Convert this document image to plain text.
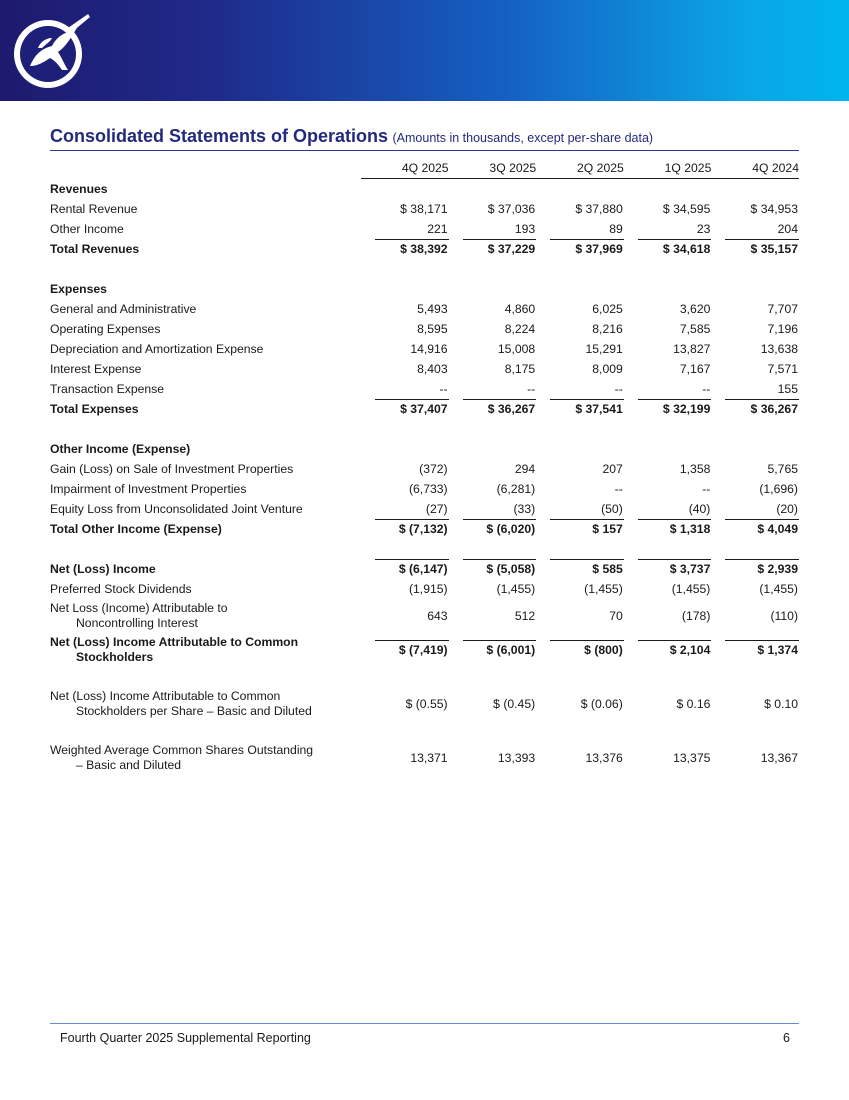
Consolidated Statements of Operations (Amounts in thousands, except per-share data)
	4Q 2025	3Q 2025	2Q 2025	1Q 2025	4Q 2024
Revenues	

Rental Revenue	$ 38,171	$ 37,036	$ 37,880	$ 34,595	$ 34,953

Other Income	221	193	89	23	204

Total Revenues	$ 38,392	$ 37,229	$ 37,969	$ 34,618	$ 35,157

Expenses	

General and Administrative	5,493	4,860	6,025	3,620	7,707

Operating Expenses	8,595	8,224	8,216	7,585	7,196

Depreciation and Amortization Expense	14,916	15,008	15,291	13,827	13,638

Interest Expense	8,403	8,175	8,009	7,167	7,571

Transaction Expense	--	--	--	--	155

Total Expenses	$ 37,407	$ 36,267	$ 37,541	$ 32,199	$ 36,267

Other Income (Expense)	

Gain (Loss) on Sale of Investment Properties	(372)	294	207	1,358	5,765

Impairment of Investment Properties	(6,733)	(6,281)	--	--	(1,696)

Equity Loss from Unconsolidated Joint Venture	(27)	(33)	(50)	(40)	(20)

Total Other Income (Expense)	$ (7,132)	$ (6,020)	$ 157	$ 1,318	$ 4,049

Net (Loss) Income	$ (6,147)	$ (5,058)	$ 585	$ 3,737	$ 2,939

Preferred Stock Dividends	(1,915)	(1,455)	(1,455)	(1,455)	(1,455)

Net Loss (Income) Attributable to
Noncontrolling Interest	643	512	70	(178)	(110)

Net (Loss) Income Attributable to Common
Stockholders	$ (7,419)	$ (6,001)	$ (800)	$ 2,104	$ 1,374

Net (Loss) Income Attributable to Common
Stockholders per Share – Basic and Diluted	$ (0.55)	$ (0.45)	$ (0.06)	$ 0.16	$ 0.10

Weighted Average Common Shares Outstanding
– Basic and Diluted	13,371	13,393	13,376	13,375	13,367
Fourth Quarter 2025 Supplemental Reporting	6
